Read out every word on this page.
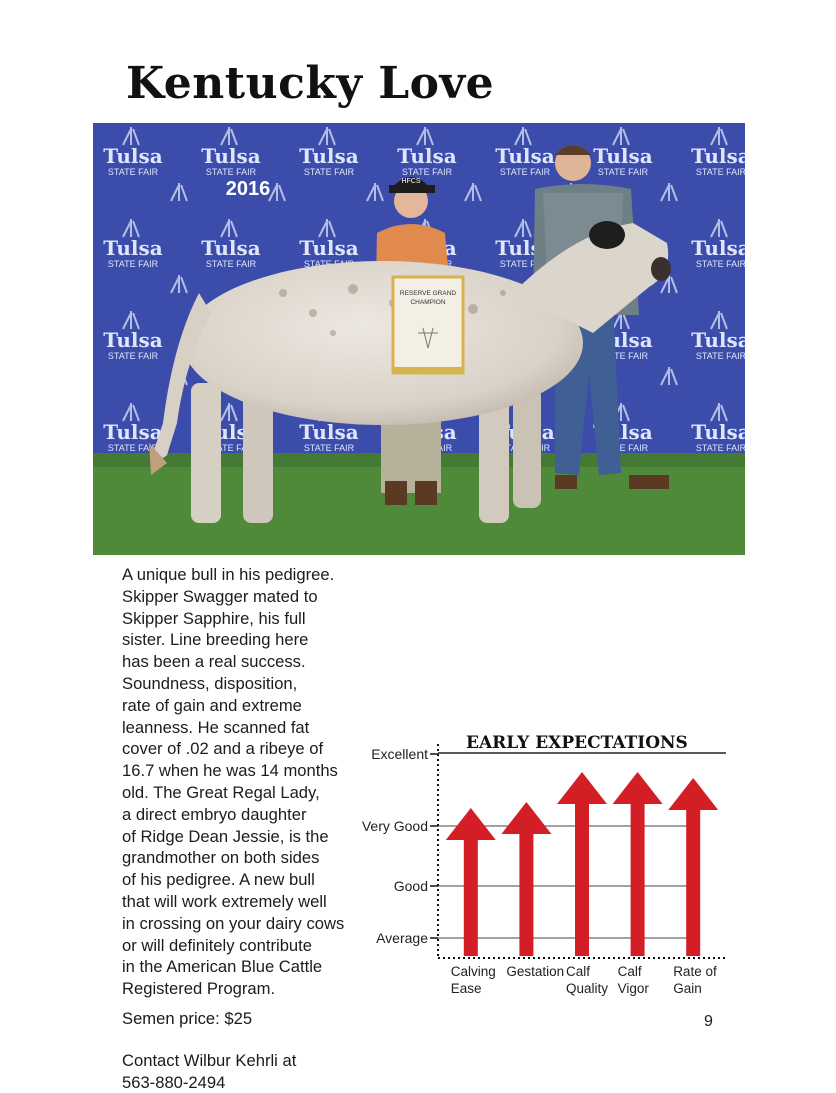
Kentucky Love
2016	HFCS
RESERVE GRAND
CHAMPION

A unique bull in his pedigree.
Skipper Swagger mated to
Skipper Sapphire, his full
sister. Line breeding here
has been a real success.
Soundness, disposition,
rate of gain and extreme
leanness. He scanned fat
cover of .02 and a ribeye of
16.7 when he was 14 months
old. The Great Regal Lady,
a direct embryo daughter
of Ridge Dean Jessie, is the
grandmother on both sides
of his pedigree. A new bull
that will work extremely well
in crossing on your dairy cows
or will definitely contribute
in the American Blue Cattle
Registered Program.

Semen price: $25	9

Contact Wilbur Kehrli at

563-880-2494

EARLY EXPECTATIONS
Average
Good
Very Good
Excellent
Calving
Ease
Gestation Calf
Quality
Calf
Vigor
Rate of
Gain
